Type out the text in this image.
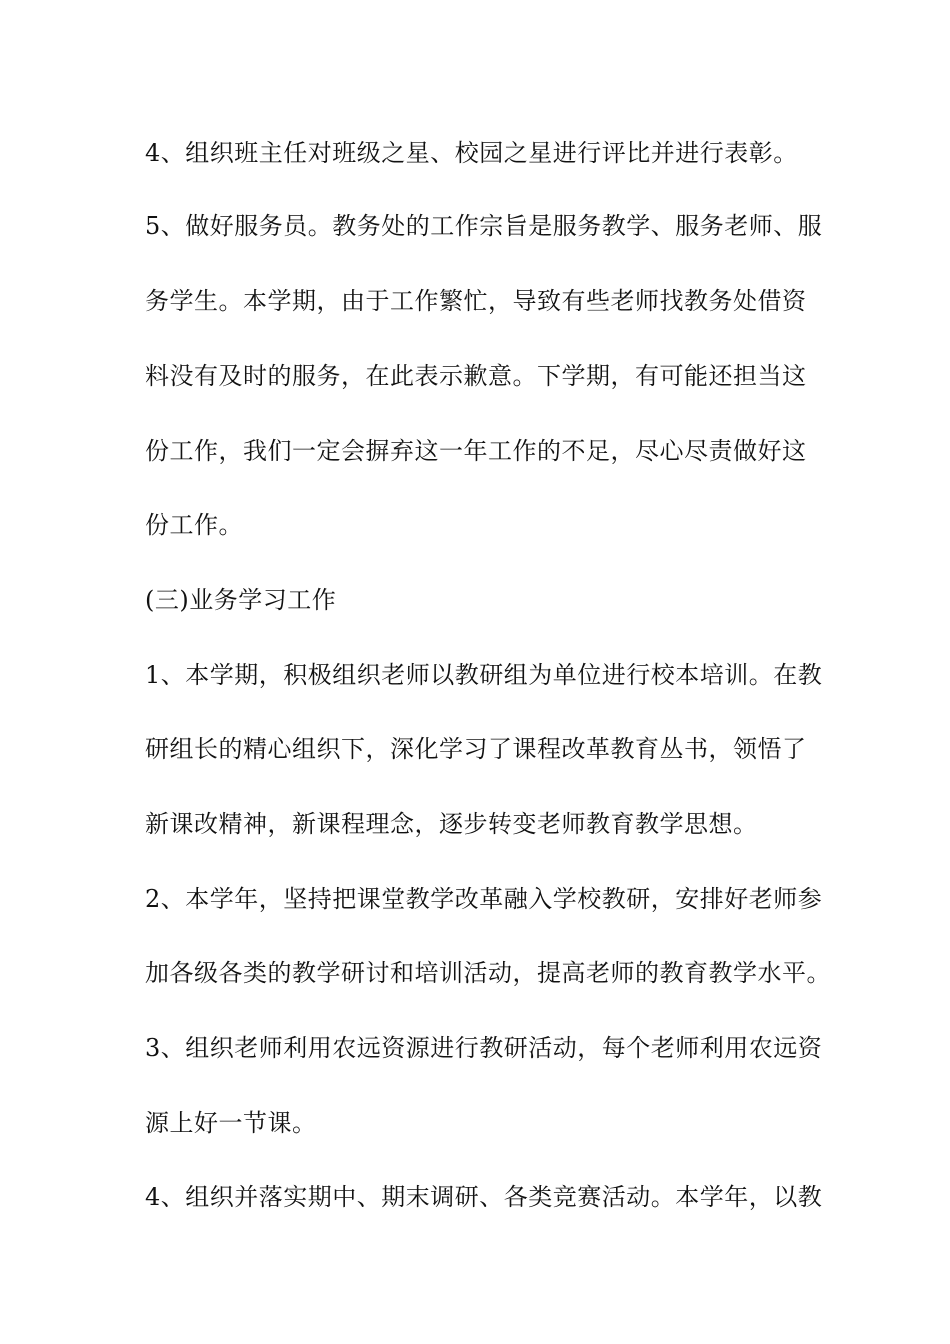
4、组织班主任对班级之星、校园之星进行评比并进行表彰。
5、做好服务员。教务处的工作宗旨是服务教学、服务老师、服
务学生。本学期，由于工作繁忙，导致有些老师找教务处借资
料没有及时的服务，在此表示歉意。下学期，有可能还担当这
份工作，我们一定会摒弃这一年工作的不足，尽心尽责做好这
份工作。
(三)业务学习工作
1、本学期，积极组织老师以教研组为单位进行校本培训。在教
研组长的精心组织下，深化学习了课程改革教育丛书，领悟了
新课改精神，新课程理念，逐步转变老师教育教学思想。
2、本学年，坚持把课堂教学改革融入学校教研，安排好老师参
加各级各类的教学研讨和培训活动，提高老师的教育教学水平。
3、组织老师利用农远资源进行教研活动，每个老师利用农远资
源上好一节课。
4、组织并落实期中、期末调研、各类竞赛活动。本学年，以教
